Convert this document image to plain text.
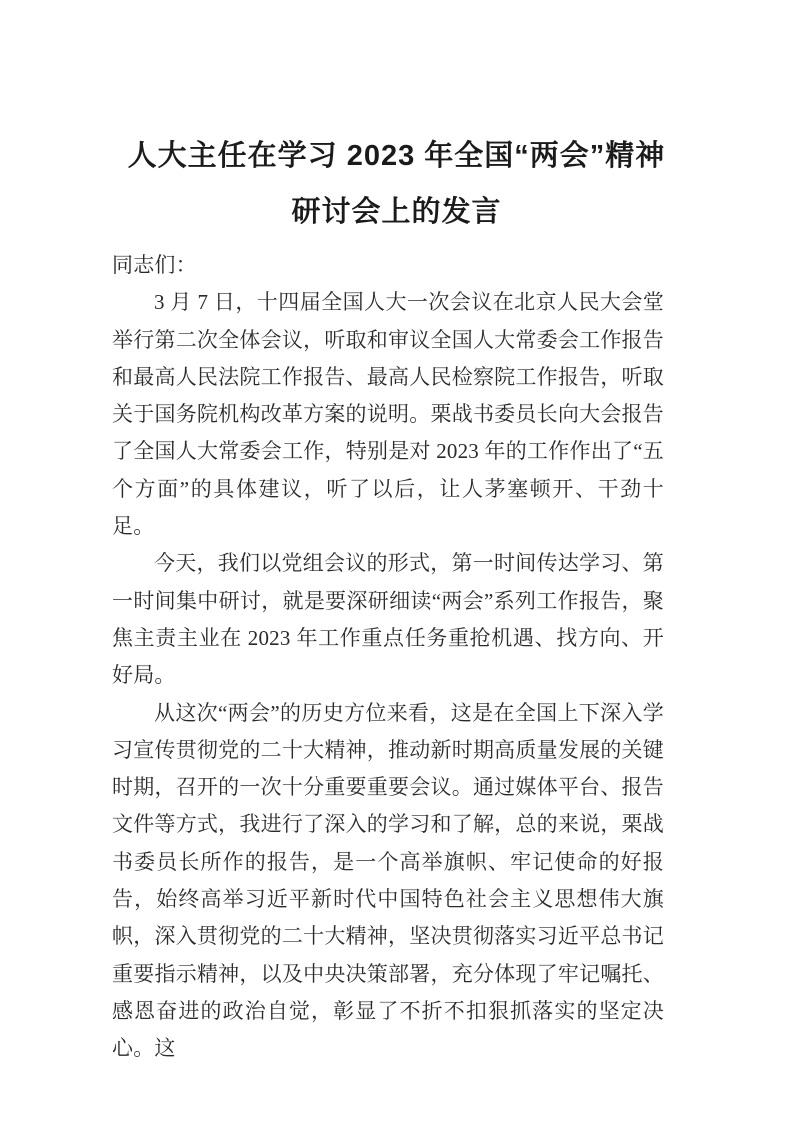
人大主任在学习 2023 年全国“两会”精神
研讨会上的发言

同志们：

3 月 7 日，十四届全国人大一次会议在北京人民大会堂举行第二次全体会议，听取和审议全国人大常委会工作报告和最高人民法院工作报告、最高人民检察院工作报告，听取关于国务院机构改革方案的说明。栗战书委员长向大会报告了全国人大常委会工作，特别是对 2023 年的工作作出了“五个方面”的具体建议，听了以后，让人茅塞顿开、干劲十足。

今天，我们以党组会议的形式，第一时间传达学习、第一时间集中研讨，就是要深研细读“两会”系列工作报告，聚焦主责主业在 2023 年工作重点任务重抢机遇、找方向、开好局。

从这次“两会”的历史方位来看，这是在全国上下深入学习宣传贯彻党的二十大精神，推动新时期高质量发展的关键时期，召开的一次十分重要重要会议。通过媒体平台、报告文件等方式，我进行了深入的学习和了解，总的来说，栗战书委员长所作的报告，是一个高举旗帜、牢记使命的好报告，始终高举习近平新时代中国特色社会主义思想伟大旗帜，深入贯彻党的二十大精神，坚决贯彻落实习近平总书记重要指示精神，以及中央决策部署，充分体现了牢记嘱托、感恩奋进的政治自觉，彰显了不折不扣狠抓落实的坚定决心。这
